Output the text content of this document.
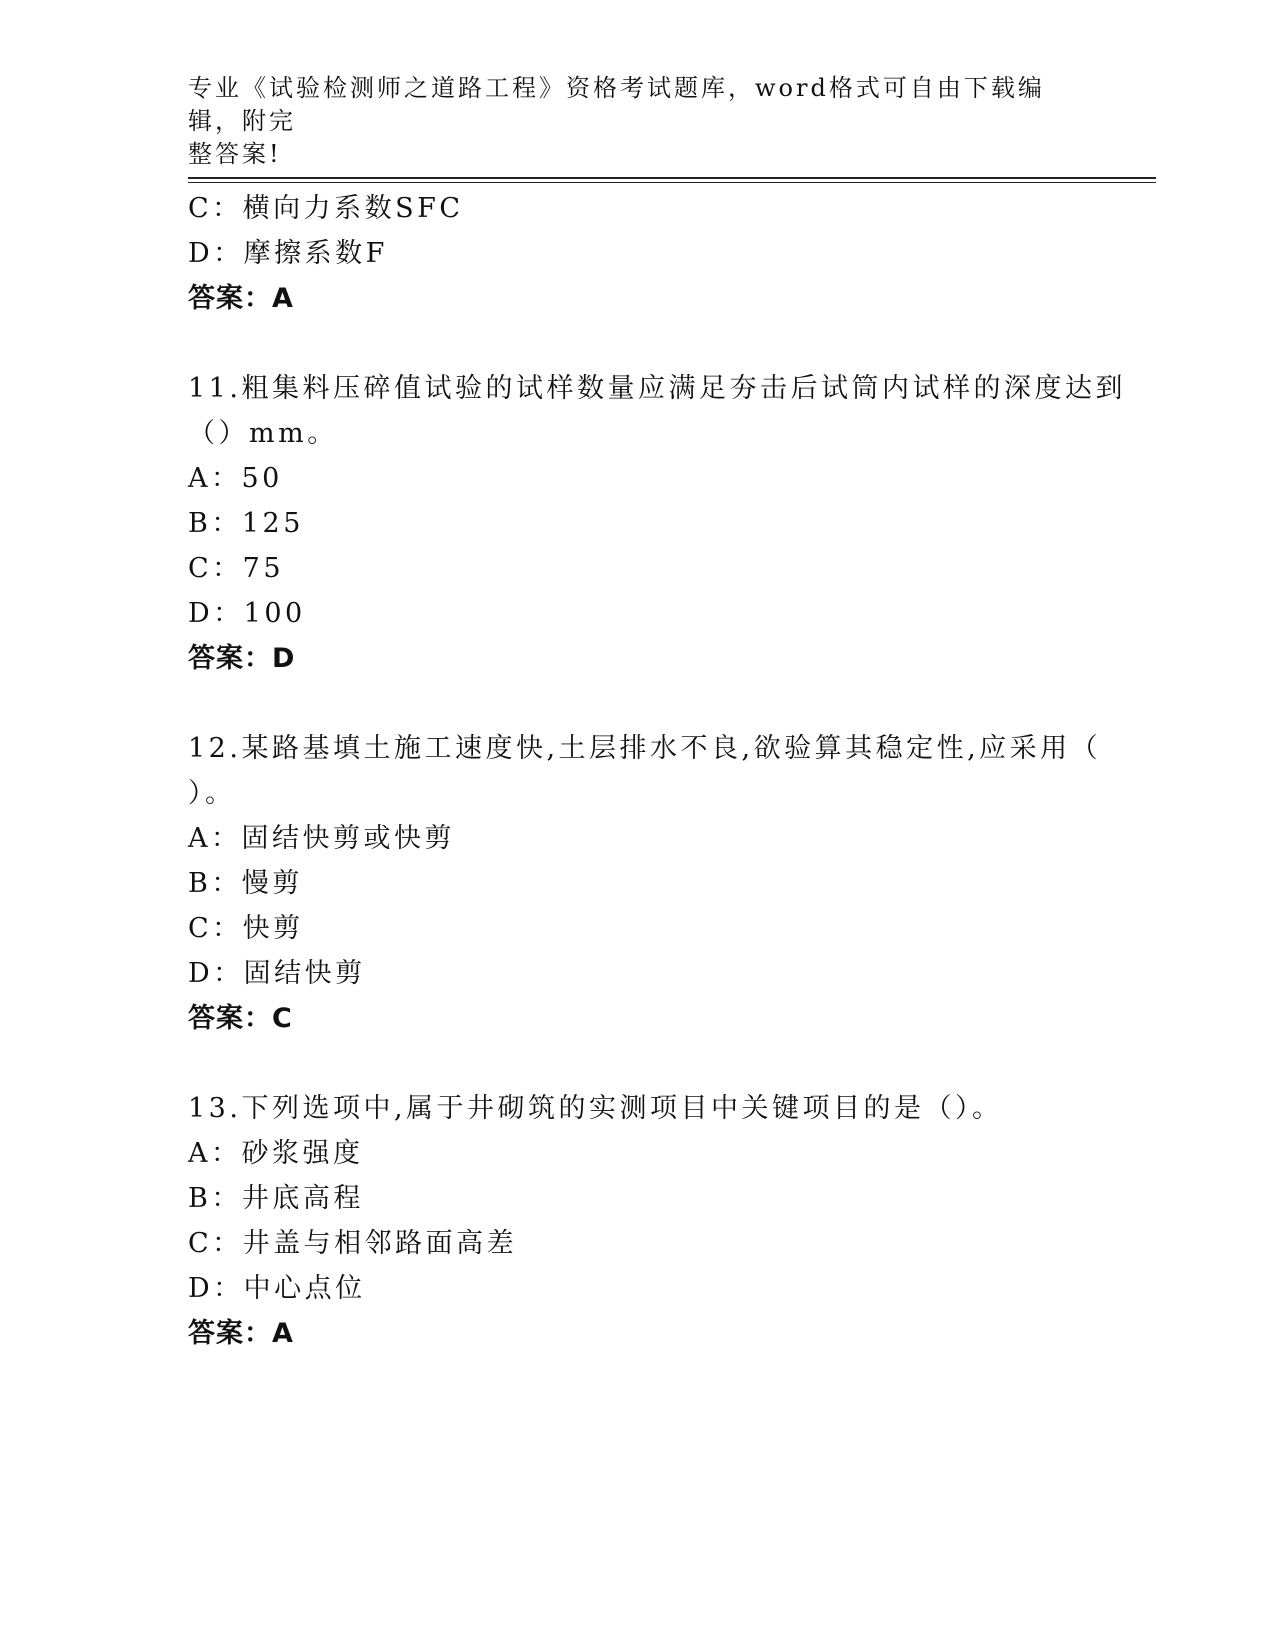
专业《试验检测师之道路工程》资格考试题库，word格式可自由下载编辑，附完
整答案!
C：横向力系数SFC
D：摩擦系数F
答案：A
11.粗集料压碎值试验的试样数量应满足夯击后试筒内试样的深度达到
（）mm。
A：50
B：125
C：75
D：100
答案：D
12.某路基填土施工速度快,土层排水不良,欲验算其稳定性,应采用（
）。
A：固结快剪或快剪
B：慢剪
C：快剪
D：固结快剪
答案：C
13.下列选项中,属于井砌筑的实测项目中关键项目的是（）。
A：砂浆强度
B：井底高程
C：井盖与相邻路面高差
D：中心点位
答案：A
